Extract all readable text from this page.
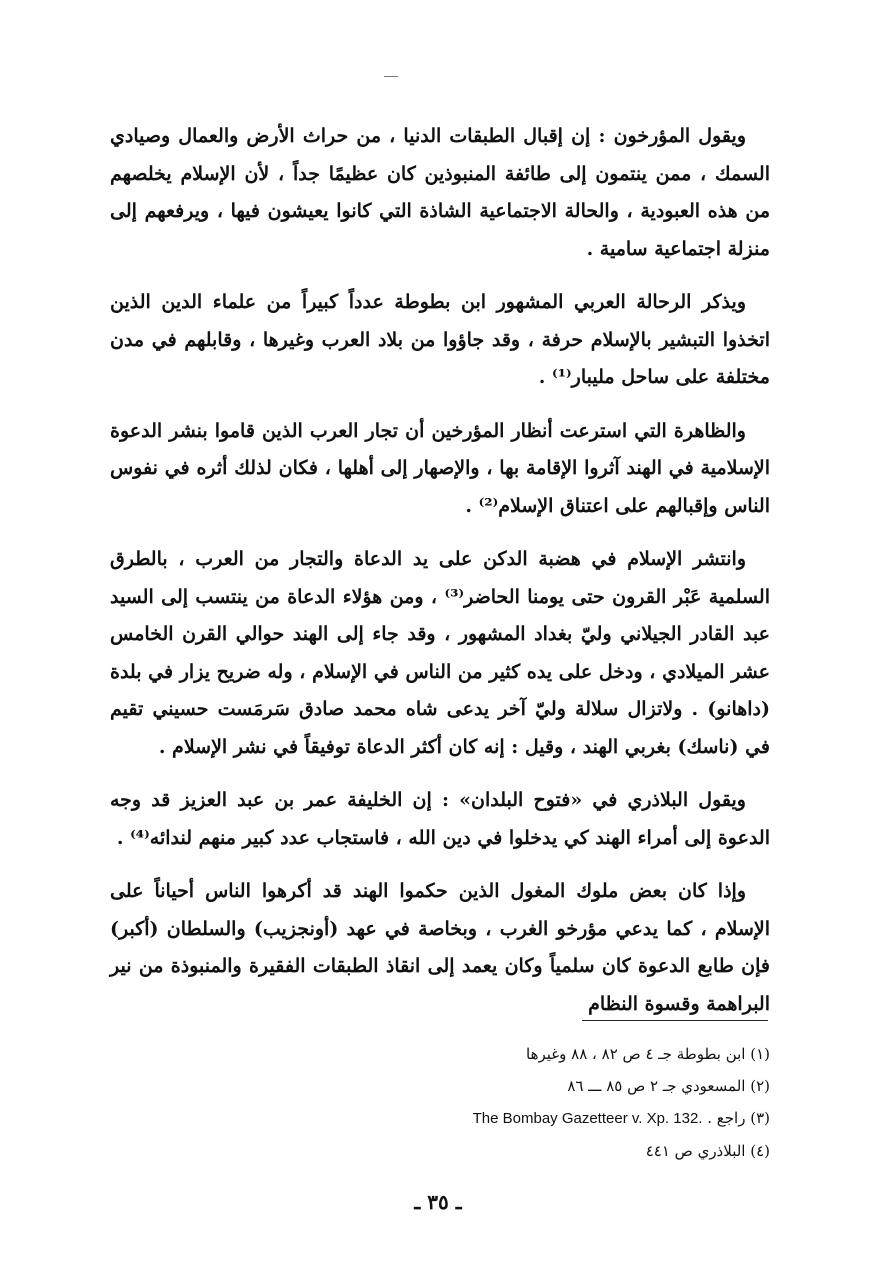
ويقول المؤرخون : إن إقبال الطبقات الدنيا ، من حراث الأرض والعمال وصيادي السمك ، ممن ينتمون إلى طائفة المنبوذين كان عظيمًا جداً ، لأن الإسلام يخلصهم من هذه العبودية ، والحالة الاجتماعية الشاذة التي كانوا يعيشون فيها ، ويرفعهم إلى منزلة اجتماعية سامية .

ويذكر الرحالة العربي المشهور ابن بطوطة عدداً كبيراً من علماء الدين الذين اتخذوا التبشير بالإسلام حرفة ، وقد جاؤوا من بلاد العرب وغيرها ، وقابلهم في مدن مختلفة على ساحل مليبار⁽¹⁾ .

والظاهرة التي استرعت أنظار المؤرخين أن تجار العرب الذين قاموا بنشر الدعوة الإسلامية في الهند آثروا الإقامة بها ، والإصهار إلى أهلها ، فكان لذلك أثره في نفوس الناس وإقبالهم على اعتناق الإسلام⁽²⁾ .

وانتشر الإسلام في هضبة الدكن على يد الدعاة والتجار من العرب ، بالطرق السلمية عَبْر القرون حتى يومنا الحاضر⁽³⁾ ، ومن هؤلاء الدعاة من ينتسب إلى السيد عبد القادر الجيلاني وليّ بغداد المشهور ، وقد جاء إلى الهند حوالي القرن الخامس عشر الميلادي ، ودخل على يده كثير من الناس في الإسلام ، وله ضريح يزار في بلدة (داهانو) . ولاتزال سلالة وليّ آخر يدعى شاه محمد صادق سَرمَست حسيني تقيم في (ناسك) بغربي الهند ، وقيل : إنه كان أكثر الدعاة توفيقاً في نشر الإسلام .

ويقول البلاذري في «فتوح البلدان» : إن الخليفة عمر بن عبد العزيز قد وجه الدعوة إلى أمراء الهند كي يدخلوا في دين الله ، فاستجاب عدد كبير منهم لندائه⁽⁴⁾ .

وإذا كان بعض ملوك المغول الذين حكموا الهند قد أكرهوا الناس أحياناً على الإسلام ، كما يدعي مؤرخو الغرب ، وبخاصة في عهد (أونجزيب) والسلطان (أكبر) فإن طابع الدعوة كان سلمياً وكان يعمد إلى انقاذ الطبقات الفقيرة والمنبوذة من نير البراهمة وقسوة النظام

(١) ابن بطوطة جـ ٤ ص ٨٢ ، ٨٨ وغيرها

(٢) المسعودي جـ ٢ ص ٨٥ ـــ ٨٦

(٣) راجع . The Bombay Gazetteer v. Xp. 132.

(٤) البلاذري ص ٤٤١

ـ ٣٥ ـ
